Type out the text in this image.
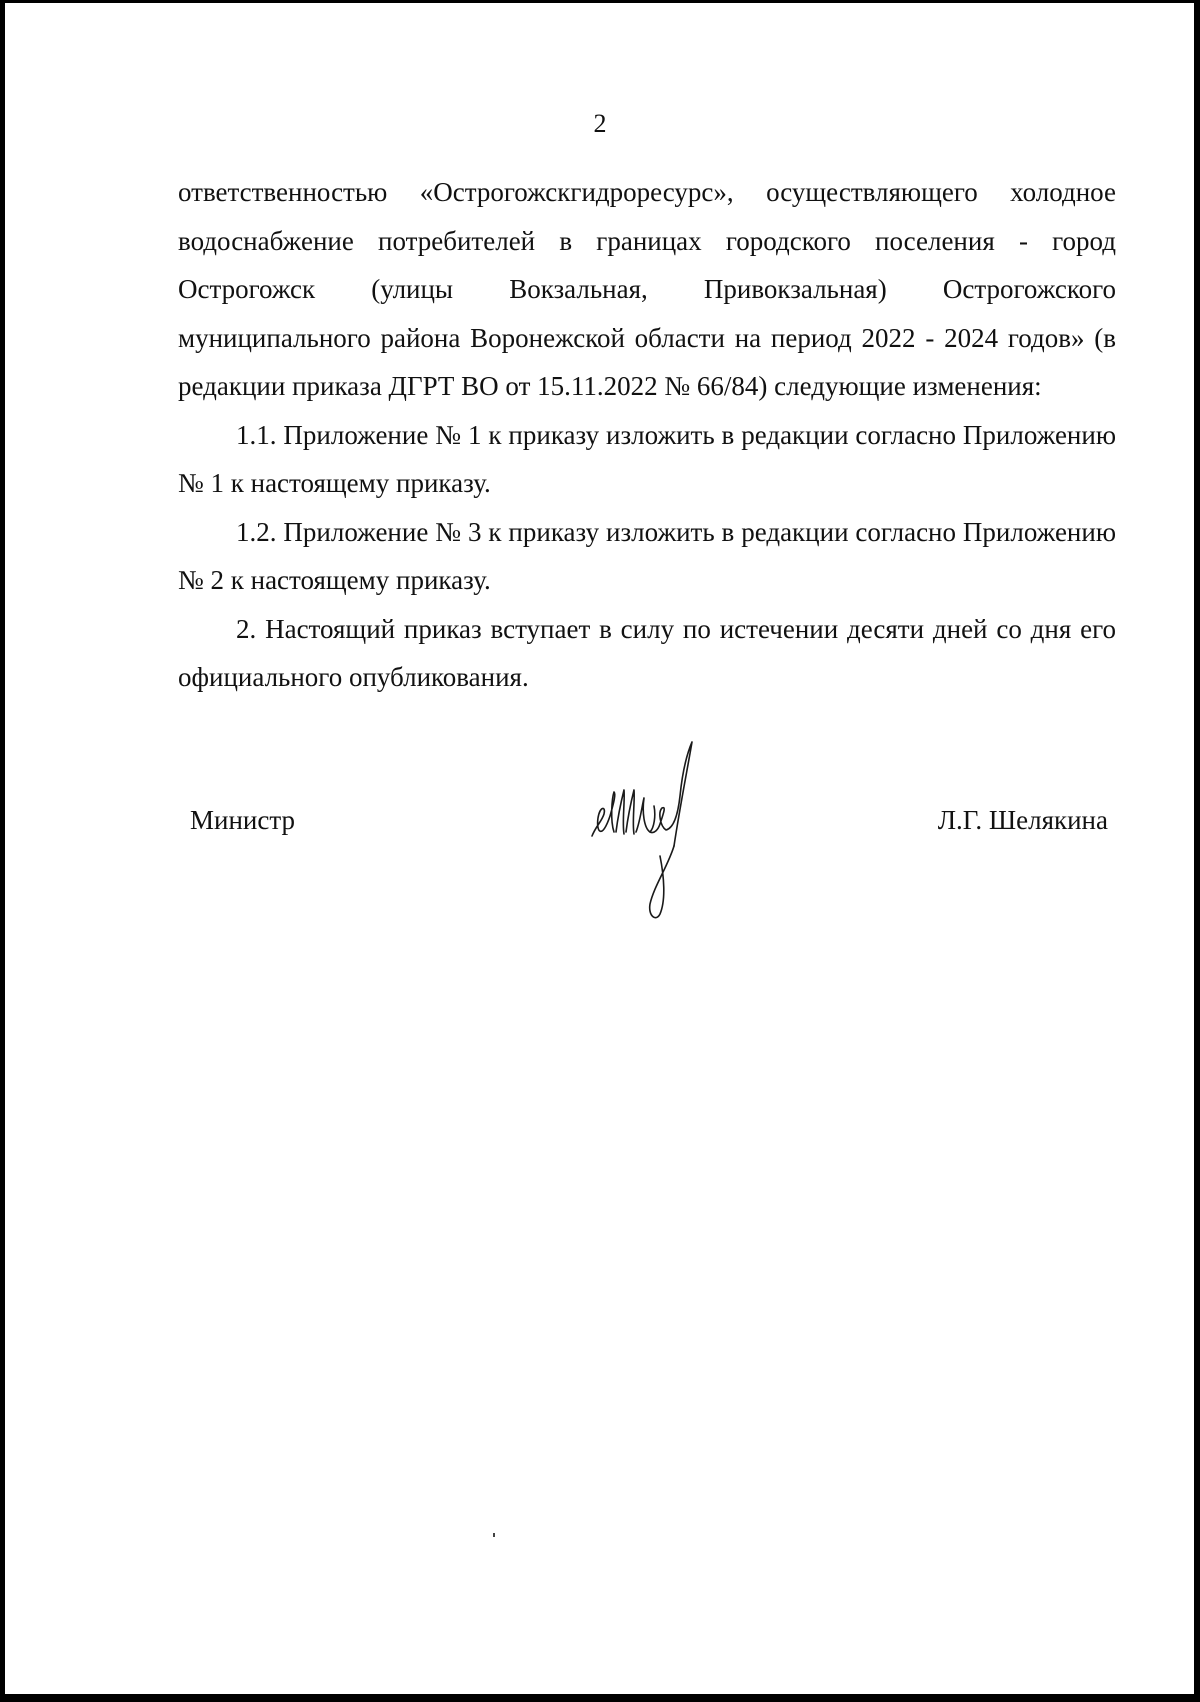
2

ответственностью «Острогожскгидроресурс», осуществляющего холодное водоснабжение потребителей в границах городского поселения - город Острогожск (улицы Вокзальная, Привокзальная) Острогожского муниципального района Воронежской области на период 2022 - 2024 годов» (в редакции приказа ДГРТ ВО от 15.11.2022 № 66/84) следующие изменения:

1.1. Приложение № 1 к приказу изложить в редакции согласно Приложению № 1 к настоящему приказу.

1.2. Приложение № 3 к приказу изложить в редакции согласно Приложению № 2 к настоящему приказу.

2. Настоящий приказ вступает в силу по истечении десяти дней со дня его официального опубликования.

Министр	Л.Г. Шелякина
